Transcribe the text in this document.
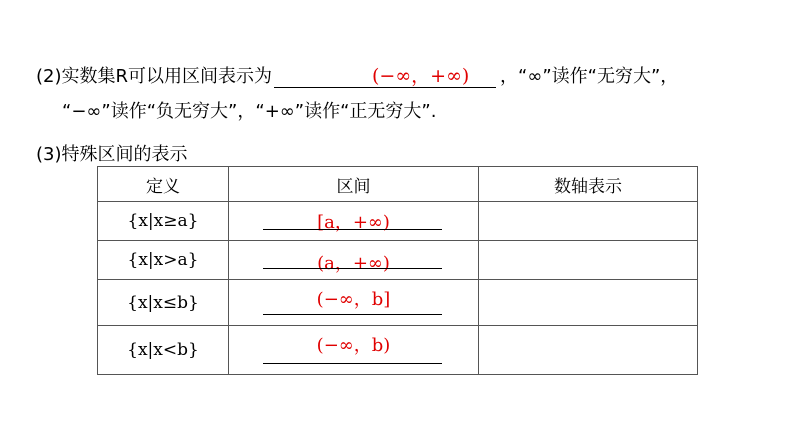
(2)实数集R可以用区间表示为	(−∞，+∞) ，“∞”读作“无穷大”，
“−∞”读作“负无穷大”，“+∞”读作“正无穷大”.
(3)特殊区间的表示
定义	区间	数轴表示
{x|x≥a}	[a，+∞)	

{x|x>a}	(a，+∞)	

{x|x≤b}	(−∞，b]	

{x|x<b}	(−∞，b)	
